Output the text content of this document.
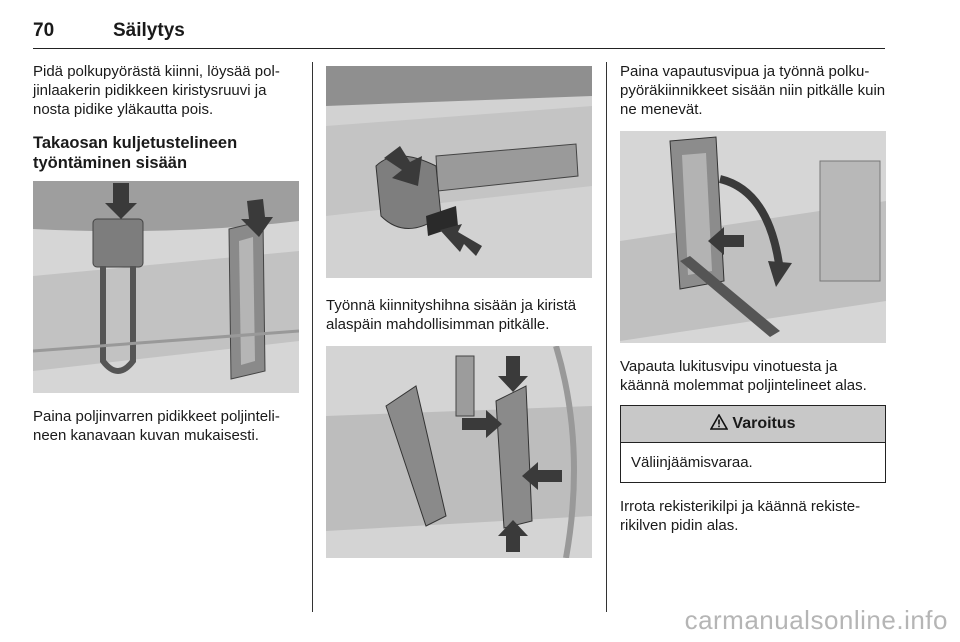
70	Säilytys

Pidä polkupyörästä kiinni, löysää poljinlaakerin pidikkeen kiristysruuvi ja nosta pidike yläkautta pois.

Takaosan kuljetustelineen työntäminen sisään

Paina poljinvarren pidikkeet poljintelineen kanavaan kuvan mukaisesti.

Työnnä kiinnityshihna sisään ja kiristä alaspäin mahdollisimman pitkälle.

Paina vapautusvipua ja työnnä polkupyöräkiinnikkeet sisään niin pitkälle kuin ne menevät.

Vapauta lukitusvipu vinotuesta ja käännä molemmat poljintelineet alas.

Varoitus
Väliinjäämisvaraa.

Irrota rekisterikilpi ja käännä rekisterikilven pidin alas.

carmanualsonline.info
